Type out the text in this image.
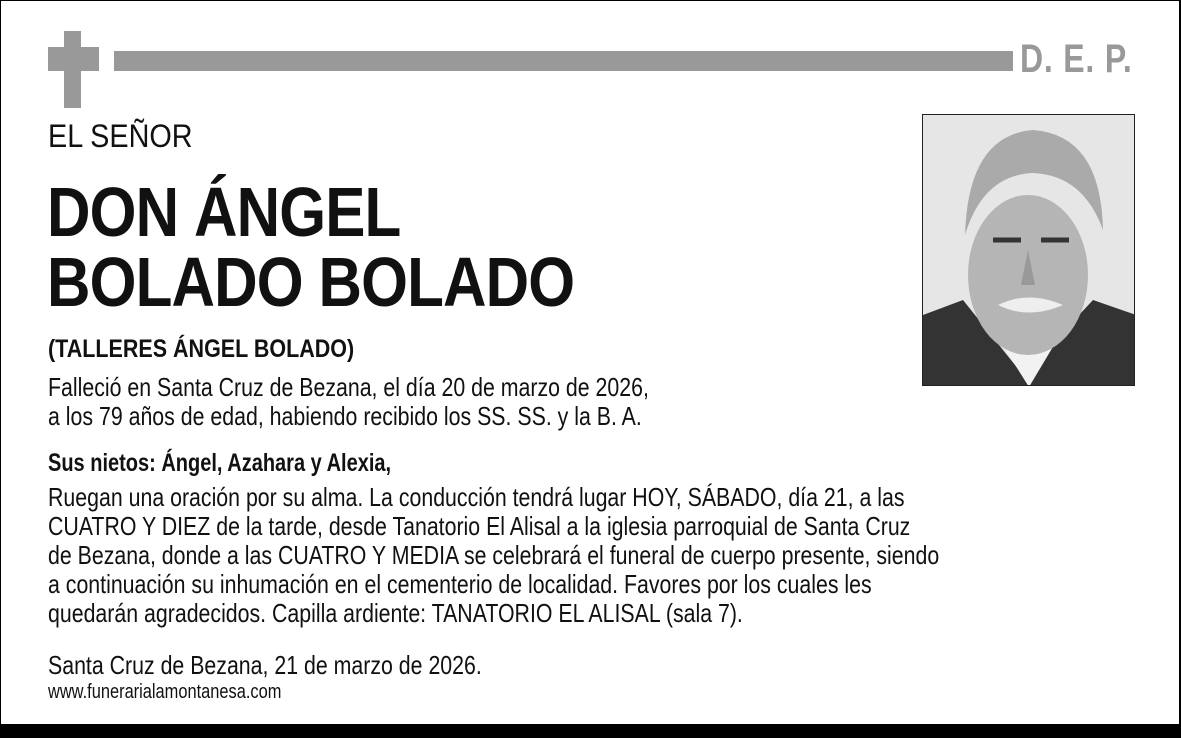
D. E. P.
EL SEÑOR
DON ÁNGEL
BOLADO BOLADO
(TALLERES ÁNGEL BOLADO)
Falleció en Santa Cruz de Bezana, el día 20 de marzo de 2026,
a los 79 años de edad, habiendo recibido los SS. SS. y la B. A.
Sus nietos: Ángel, Azahara y Alexia,
Ruegan una oración por su alma. La conducción tendrá lugar HOY, SÁBADO, día 21, a las
CUATRO Y DIEZ de la tarde, desde Tanatorio El Alisal a la iglesia parroquial de Santa Cruz
de Bezana, donde a las CUATRO Y MEDIA se celebrará el funeral de cuerpo presente, siendo
a continuación su inhumación en el cementerio de localidad. Favores por los cuales les
quedarán agradecidos. Capilla ardiente: TANATORIO EL ALISAL (sala 7).
Santa Cruz de Bezana, 21 de marzo de 2026.
www.funerarialamontanesa.com
